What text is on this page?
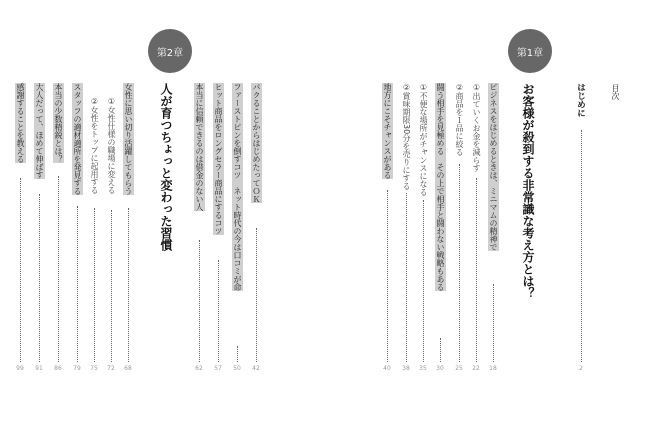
目次
はじめに
2
第1章
お客様が殺到する非常識な考え方とは？
ビジネスをはじめるときは、ミニマムの精神で
18
①出ていくお金を減らす
22
②商品を１品に絞る
25
闘う相手を見極める　その上で相手と闘わない戦略もある
30
①不便な場所がチャンスになる
35
②賞味期限30分を売りにする
38
地方にこそチャンスがある
40
第2章
人が育つちょっと変わった習慣	パクることからはじめたってＯＫ
42
ファーストピンを倒すコツ　ネット時代の今は口コミが命
50
ヒット商品をロングセラー商品にするコツ
57
本当に信頼できるのは借金のない人
62
女性に思い切り活躍してもらう
68
①女性仕様の職場に変える
72
②女性をトップに起用する
75
スタッフの適材適所を発見する
79
本当の少数精鋭とは？
86
大人だって、ほめて伸ばす
91
感謝することを教える
99
